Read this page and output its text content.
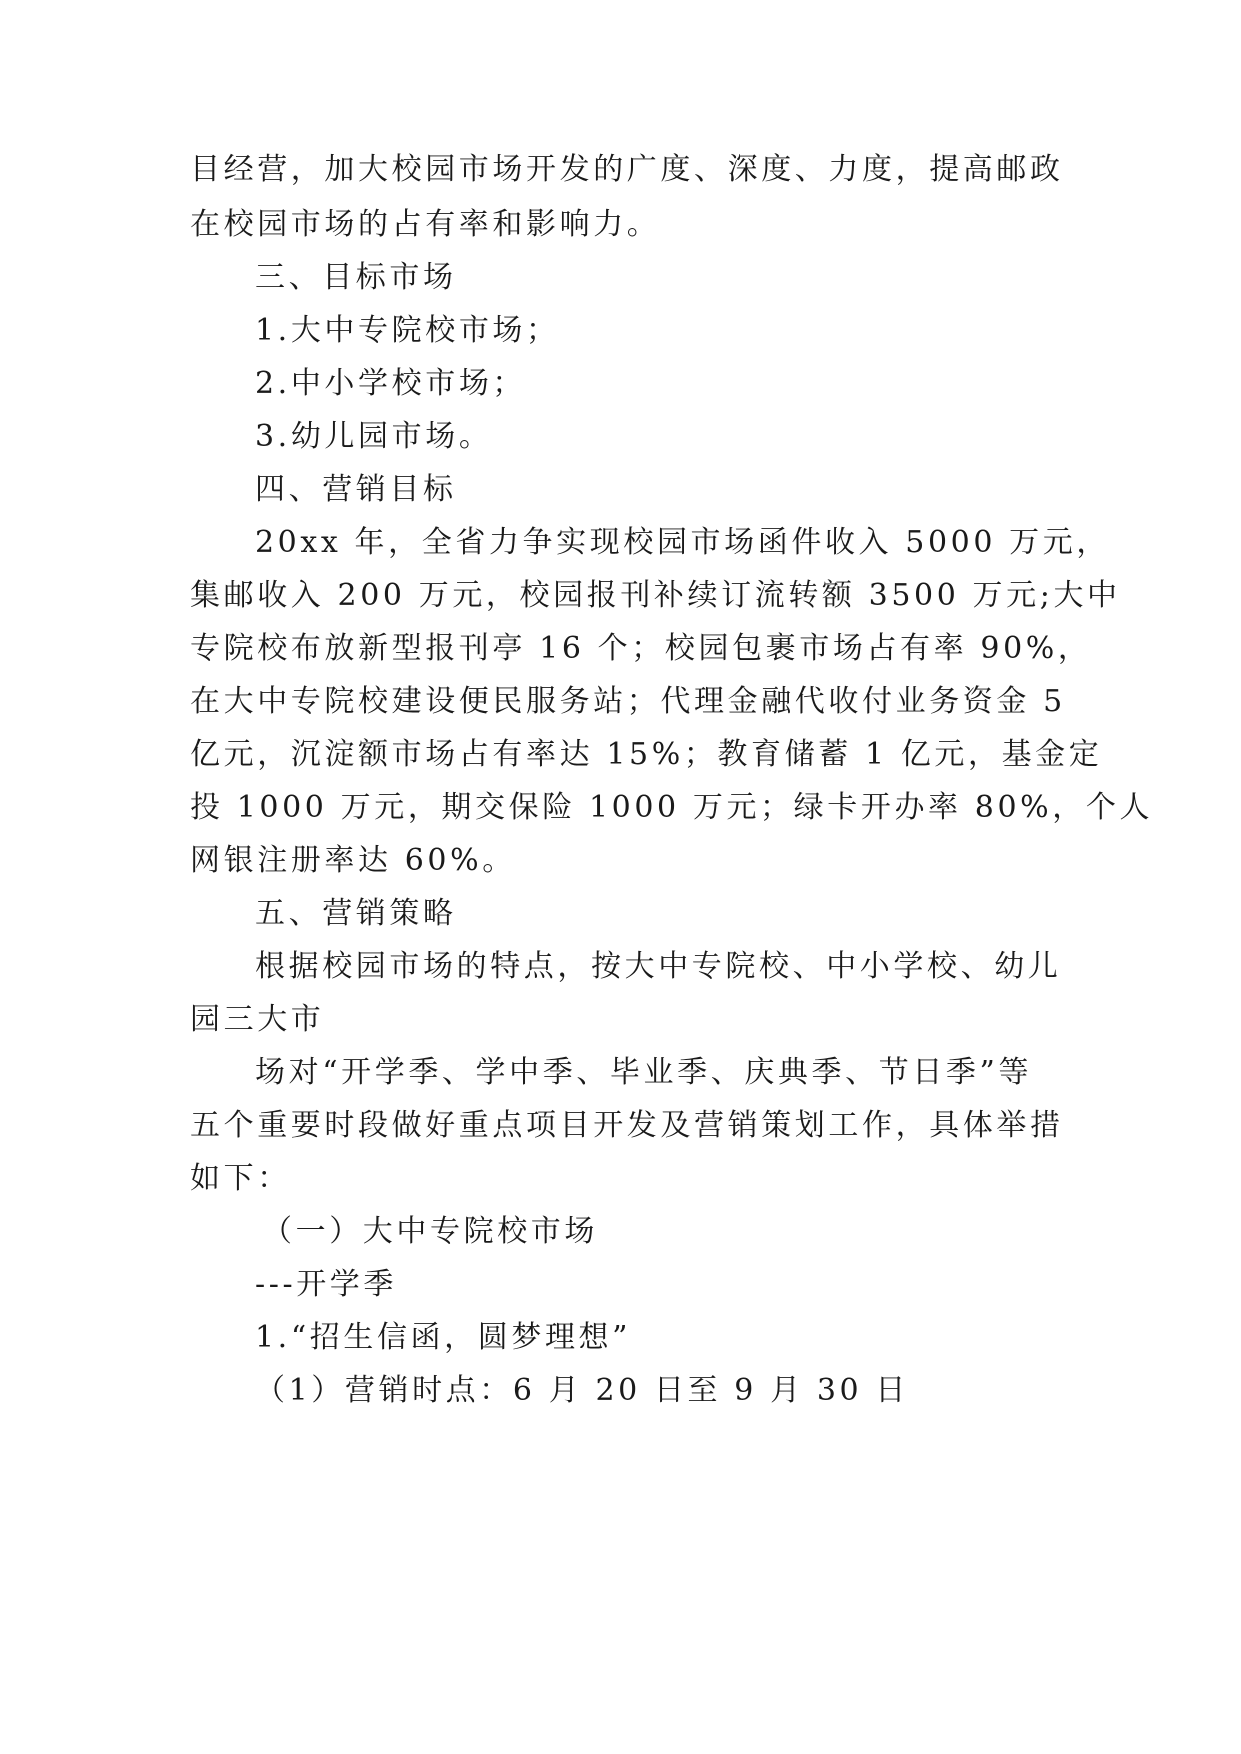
目经营，加大校园市场开发的广度、深度、力度，提高邮政
在校园市场的占有率和影响力。
三、目标市场
1.大中专院校市场；
2.中小学校市场；
3.幼儿园市场。
四、营销目标
20xx 年，全省力争实现校园市场函件收入 5000 万元，
集邮收入 200 万元，校园报刊补续订流转额 3500 万元;大中
专院校布放新型报刊亭 16 个；校园包裹市场占有率 90%，
在大中专院校建设便民服务站；代理金融代收付业务资金 5
亿元，沉淀额市场占有率达 15%；教育储蓄 1 亿元，基金定
投 1000 万元，期交保险 1000 万元；绿卡开办率 80%，个人
网银注册率达 60%。
五、营销策略
根据校园市场的特点，按大中专院校、中小学校、幼儿
园三大市
场对“开学季、学中季、毕业季、庆典季、节日季”等
五个重要时段做好重点项目开发及营销策划工作，具体举措
如下：
（一）大中专院校市场
---开学季
1.“招生信函，圆梦理想”
（1）营销时点：6 月 20 日至 9 月 30 日
